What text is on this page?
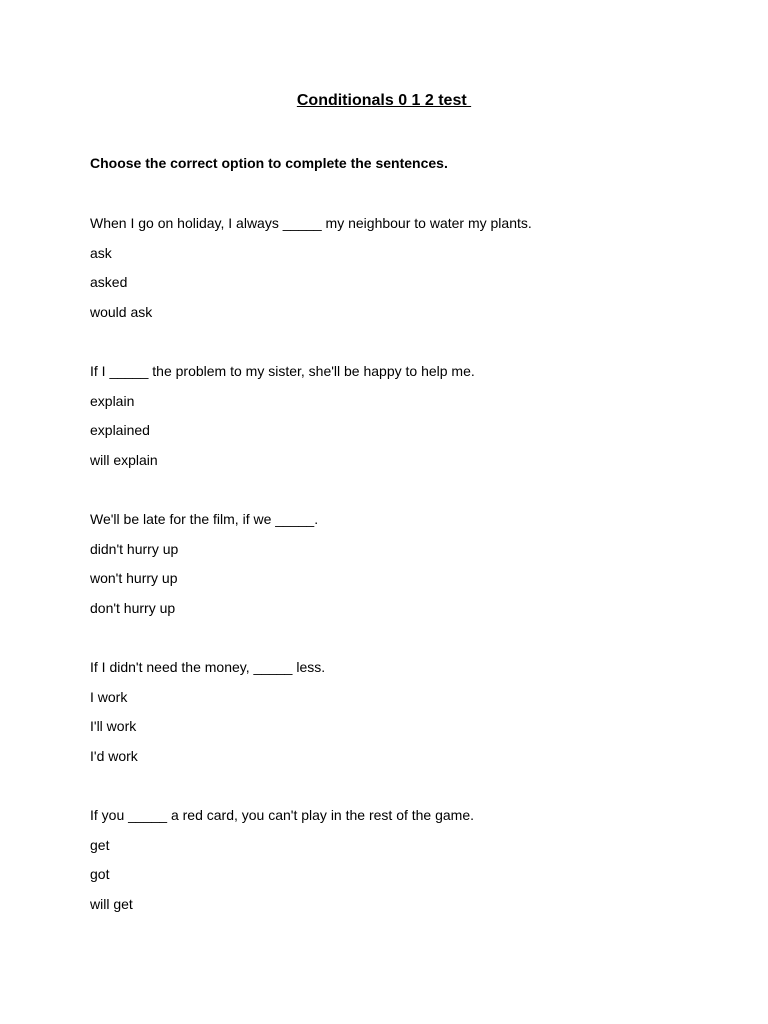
Conditionals 0 1 2 test
Choose the correct option to complete the sentences.

When I go on holiday, I always _____ my neighbour to water my plants.

ask

asked

would ask

If I _____ the problem to my sister, she'll be happy to help me.

explain

explained

will explain

We'll be late for the film, if we _____.

didn't hurry up

won't hurry up

don't hurry up

If I didn't need the money, _____ less.

I work

I'll work

I'd work

If you _____ a red card, you can't play in the rest of the game.

get

got

will get
